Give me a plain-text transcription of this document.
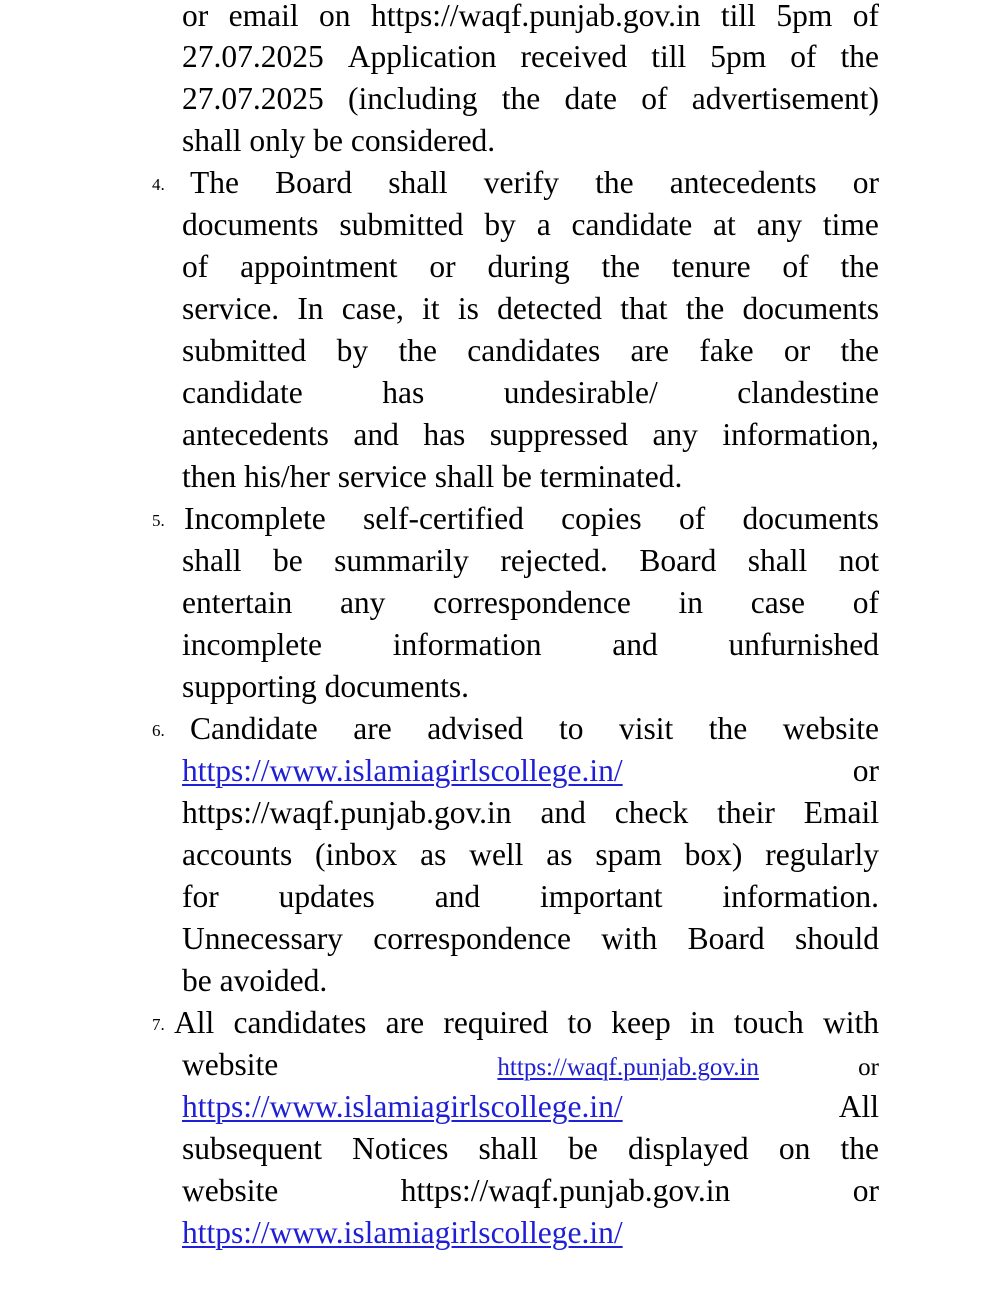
or email on https://waqf.punjab.gov.in till 5pm of
27.07.2025 Application received till 5pm of the
27.07.2025 (including the date of advertisement)
shall only be considered.
4. The Board shall verify the antecedents or
documents submitted by a candidate at any time
of appointment or during the tenure of the
service. In case, it is detected that the documents
submitted by the candidates are fake or the
candidate	has	undesirable/	clandestine
antecedents and has suppressed any information,
then his/her service shall be terminated.
5. Incomplete self-certified copies of documents
shall be summarily rejected. Board shall not
entertain any correspondence in case of
incomplete information and unfurnished
supporting documents.
6. Candidate are advised to visit the website
https://www.islamiagirlscollege.in/	or
https://waqf.punjab.gov.in and check their Email
accounts (inbox as well as spam box) regularly
for updates and important information.
Unnecessary correspondence with Board should
be avoided.
7. All candidates are required to keep in touch with
website	https://waqf.punjab.gov.in	or
https://www.islamiagirlscollege.in/	All
subsequent Notices shall be displayed on the
website	https://waqf.punjab.gov.in	or
https://www.islamiagirlscollege.in/
